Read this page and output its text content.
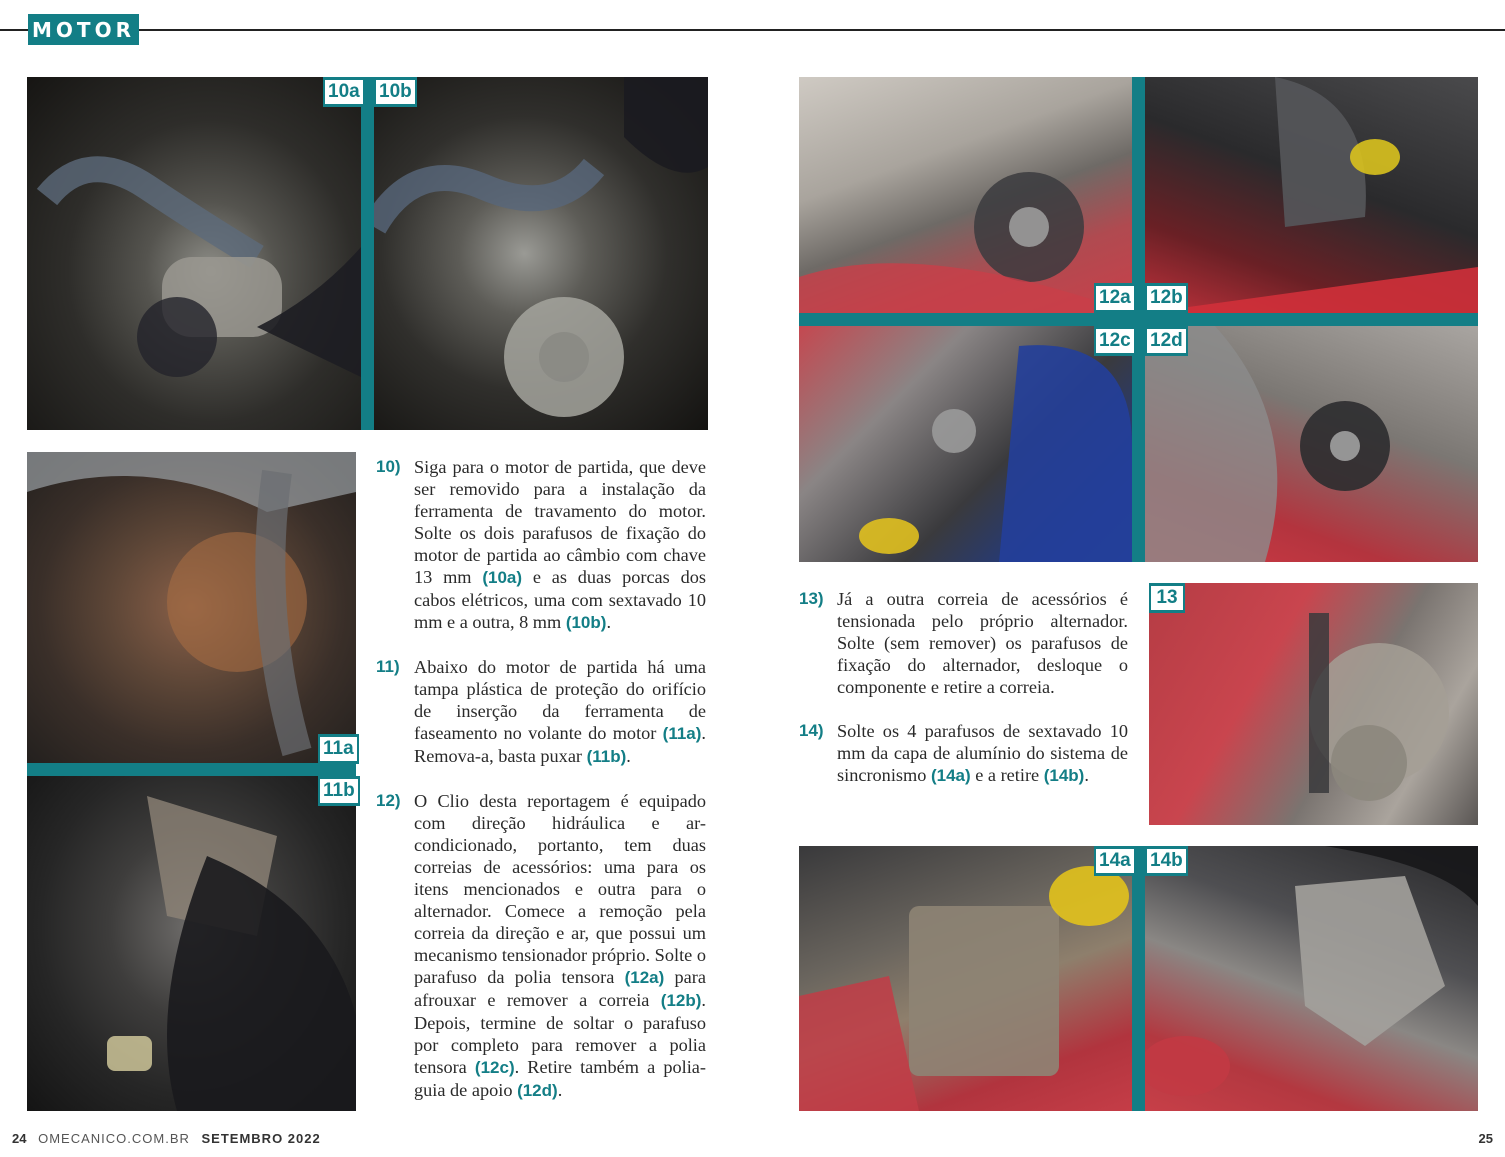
MOTOR
10a 10b
11a
11b
10) Siga para o motor de partida, que deve ser removido para a instalação da ferramenta de travamento do motor. Solte os dois parafusos de fixação do motor de partida ao câmbio com chave 13 mm (10a) e as duas porcas dos cabos elétricos, uma com sextavado 10 mm e a outra, 8 mm (10b).
11) Abaixo do motor de partida há uma tampa plástica de proteção do orifício de inserção da ferramenta de faseamento no volante do motor (11a). Remova-a, basta puxar (11b).
12) O Clio desta reportagem é equipado com direção hidráulica e ar-condicionado, portanto, tem duas correias de acessórios: uma para os itens mencionados e outra para o alternador. Comece a remoção pela correia da direção e ar, que possui um mecanismo tensionador próprio. Solte o parafuso da polia tensora (12a) para afrouxar e remover a correia (12b). Depois, termine de soltar o parafuso por completo para remover a polia tensora (12c). Retire também a polia-guia de apoio (12d).
12a 12b
12c 12d
13) Já a outra correia de acessórios é tensionada pelo próprio alternador. Solte (sem remover) os parafusos de fixação do alternador, desloque o componente e retire a correia.
14) Solte os 4 parafusos de sextavado 10 mm da capa de alumínio do sistema de sincronismo (14a) e a retire (14b).
13
14a 14b
24 OMECANICO.COM.BR SETEMBRO 2022	25
